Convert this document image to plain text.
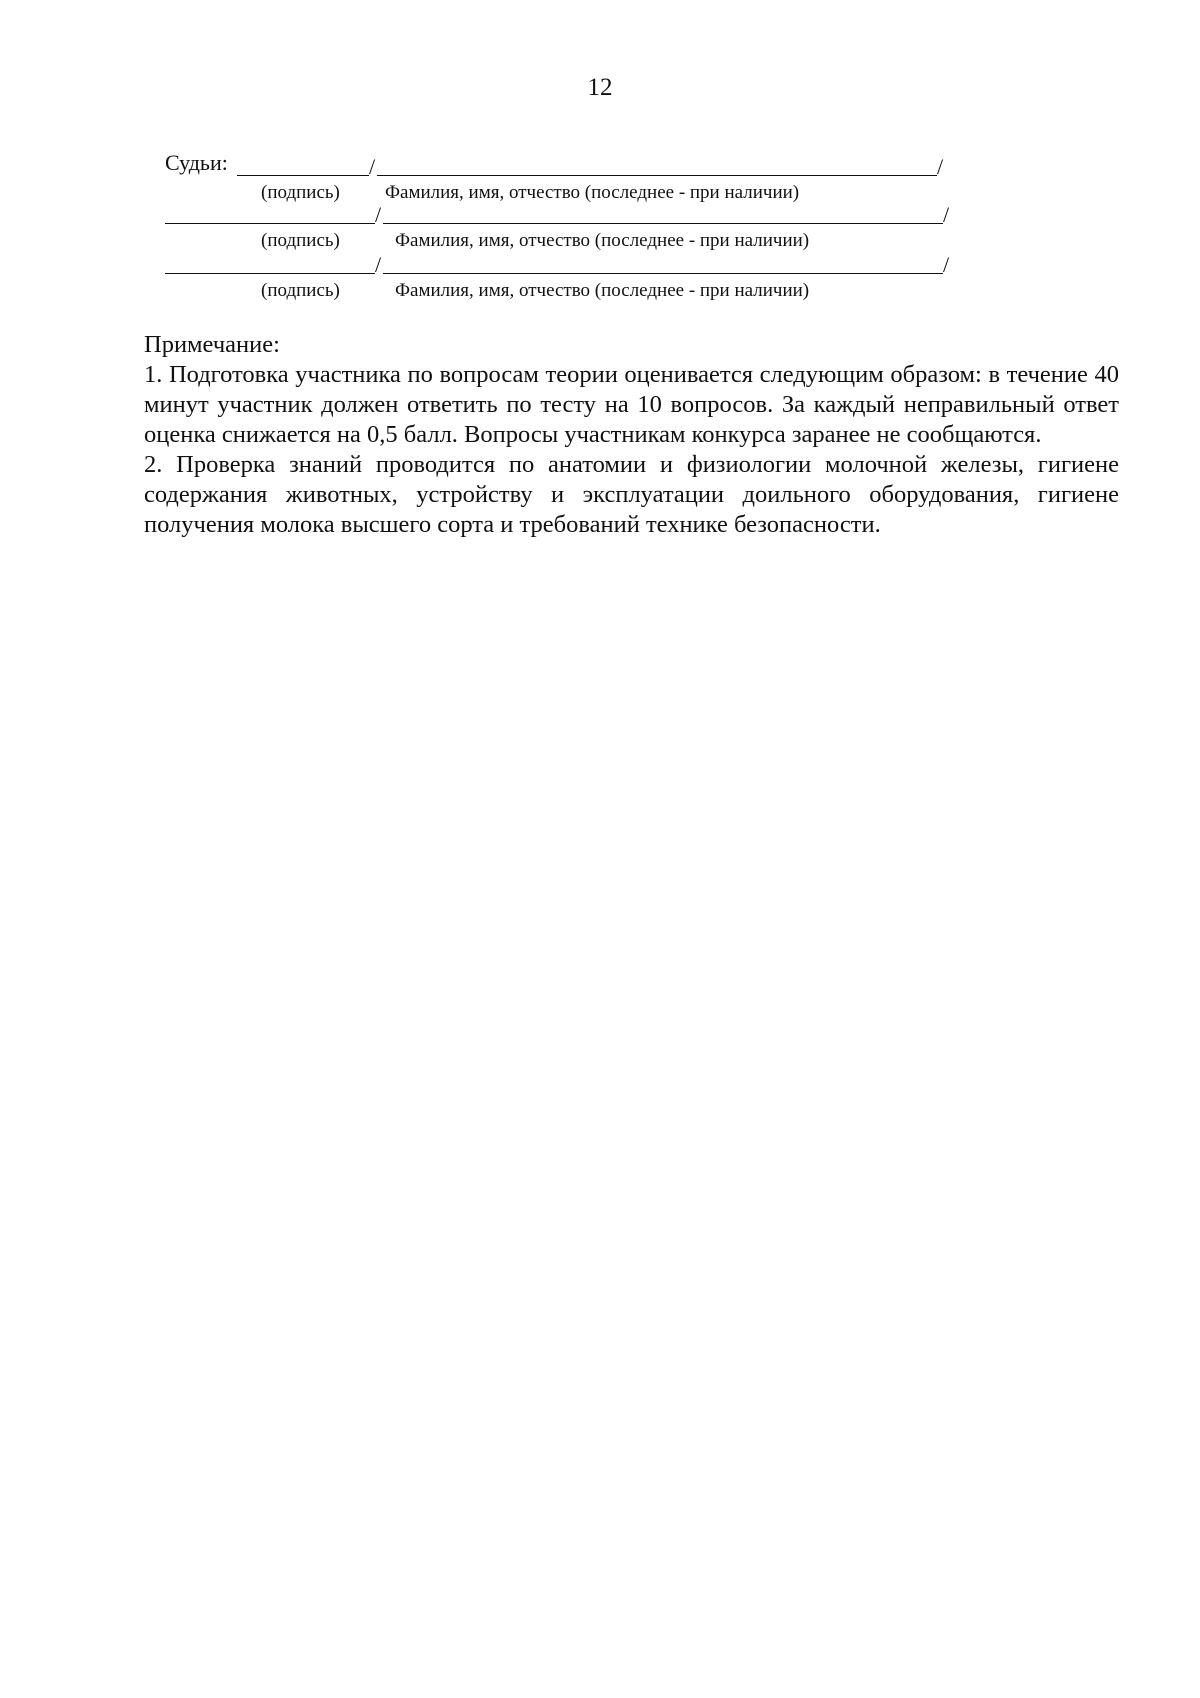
12
Судьи:	/	/
(подпись) Фамилия, имя, отчество (последнее - при наличии)
/	/
(подпись)	Фамилия, имя, отчество (последнее - при наличии)
/	/
(подпись)	Фамилия, имя, отчество (последнее - при наличии)

Примечание:

1. Подготовка участника по вопросам теории оценивается следующим образом: в течение 40 минут участник должен ответить по тесту на 10 вопросов. За каждый неправильный ответ оценка снижается на 0,5 балл. Вопросы участникам конкурса заранее не сообщаются.

2. Проверка знаний проводится по анатомии и физиологии молочной железы, гигиене содержания животных, устройству и эксплуатации доильного оборудования, гигиене получения молока высшего сорта и требований технике безопасности.
